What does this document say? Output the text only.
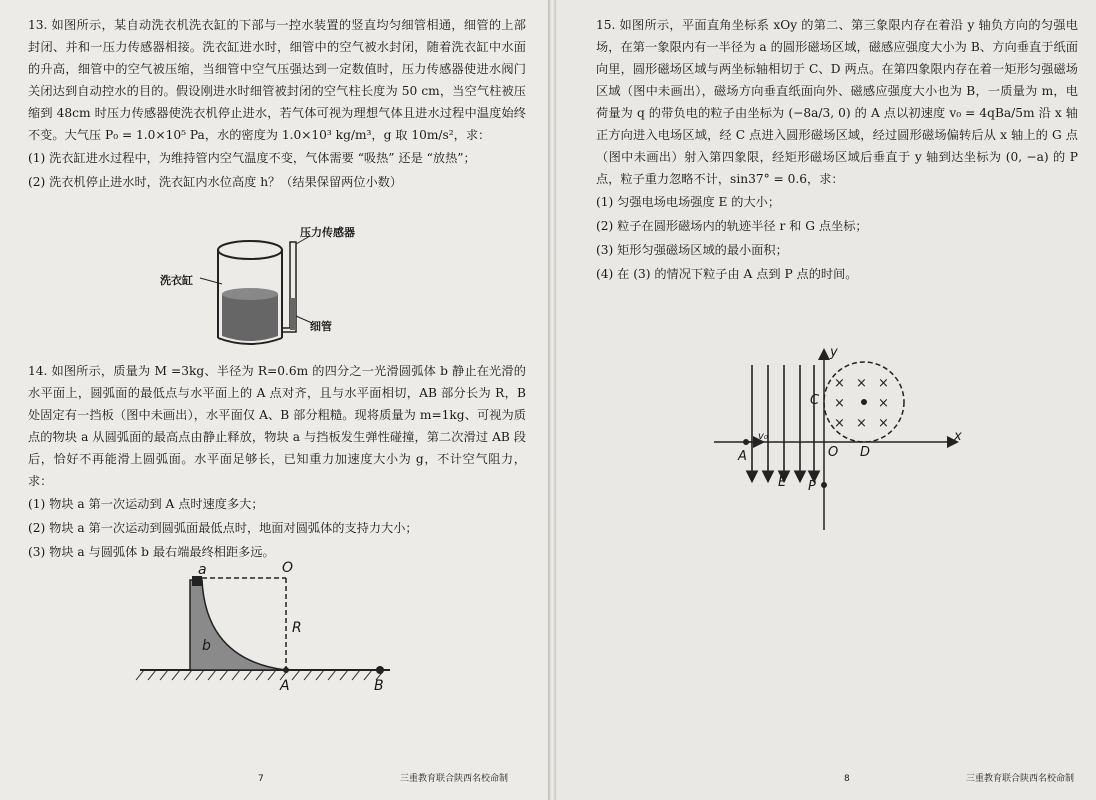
13. 如图所示，某自动洗衣机洗衣缸的下部与一控水装置的竖直均匀细管相通，细管的上部封闭、并和一压力传感器相接。洗衣缸进水时，细管中的空气被水封闭，随着洗衣缸中水面的升高，细管中的空气被压缩，当细管中空气压强达到一定数值时，压力传感器使进水阀门关闭达到自动控水的目的。假设刚进水时细管被封闭的空气柱长度为 50 cm，当空气柱被压缩到 48cm 时压力传感器使洗衣机停止进水，若气体可视为理想气体且进水过程中温度始终不变。大气压 P₀ = 1.0×10⁵ Pa，水的密度为 1.0×10³ kg/m³，g 取 10m/s²，求：

(1) 洗衣缸进水过程中，为维持管内空气温度不变，气体需要 “吸热” 还是 “放热”；

(2) 洗衣机停止进水时，洗衣缸内水位高度 h？（结果保留两位小数）

压力传感器
洗衣缸
细管

14. 如图所示，质量为 M =3kg、半径为 R=0.6m 的四分之一光滑圆弧体 b 静止在光滑的水平面上，圆弧面的最低点与水平面上的 A 点对齐，且与水平面相切，AB 部分长为 R，B 处固定有一挡板（图中未画出），水平面仅 A、B 部分粗糙。现将质量为 m=1kg、可视为质点的物块 a 从圆弧面的最高点由静止释放，物块 a 与挡板发生弹性碰撞，第二次滑过 AB 段后，恰好不再能滑上圆弧面。水平面足够长，已知重力加速度大小为 g，不计空气阻力，求：

(1) 物块 a 第一次运动到 A 点时速度多大；

(2) 物块 a 第一次运动到圆弧面最低点时，地面对圆弧体的支持力大小；

(3) 物块 a 与圆弧体 b 最右端最终相距多远。

a	O
R
b
A	B
7	三重教育联合陕西名校命制

15. 如图所示，平面直角坐标系 xOy 的第二、第三象限内存在着沿 y 轴负方向的匀强电场，在第一象限内有一半径为 a 的圆形磁场区域，磁感应强度大小为 B、方向垂直于纸面向里，圆形磁场区域与两坐标轴相切于 C、D 两点。在第四象限内存在着一矩形匀强磁场区域（图中未画出），磁场方向垂直纸面向外、磁感应强度大小也为 B，一质量为 m，电荷量为 q 的带负电的粒子由坐标为 (−8a/3, 0) 的 A 点以初速度 v₀ = 4qBa/5m 沿 x 轴正方向进入电场区域，经 C 点进入圆形磁场区域，经过圆形磁场偏转后从 x 轴上的 G 点（图中未画出）射入第四象限，经矩形磁场区域后垂直于 y 轴到达坐标为 (0, −a) 的 P 点，粒子重力忽略不计，sin37° = 0.6，求：

(1) 匀强电场电场强度 E 的大小；

(2) 粒子在圆形磁场内的轨迹半径 r 和 G 点坐标；

(3) 矩形匀强磁场区域的最小面积；

(4) 在 (3) 的情况下粒子由 A 点到 P 点的时间。

× × ×
×	×
× × ×
y
x
C
O D
A
v₀
E P
8	三重教育联合陕西名校命制
